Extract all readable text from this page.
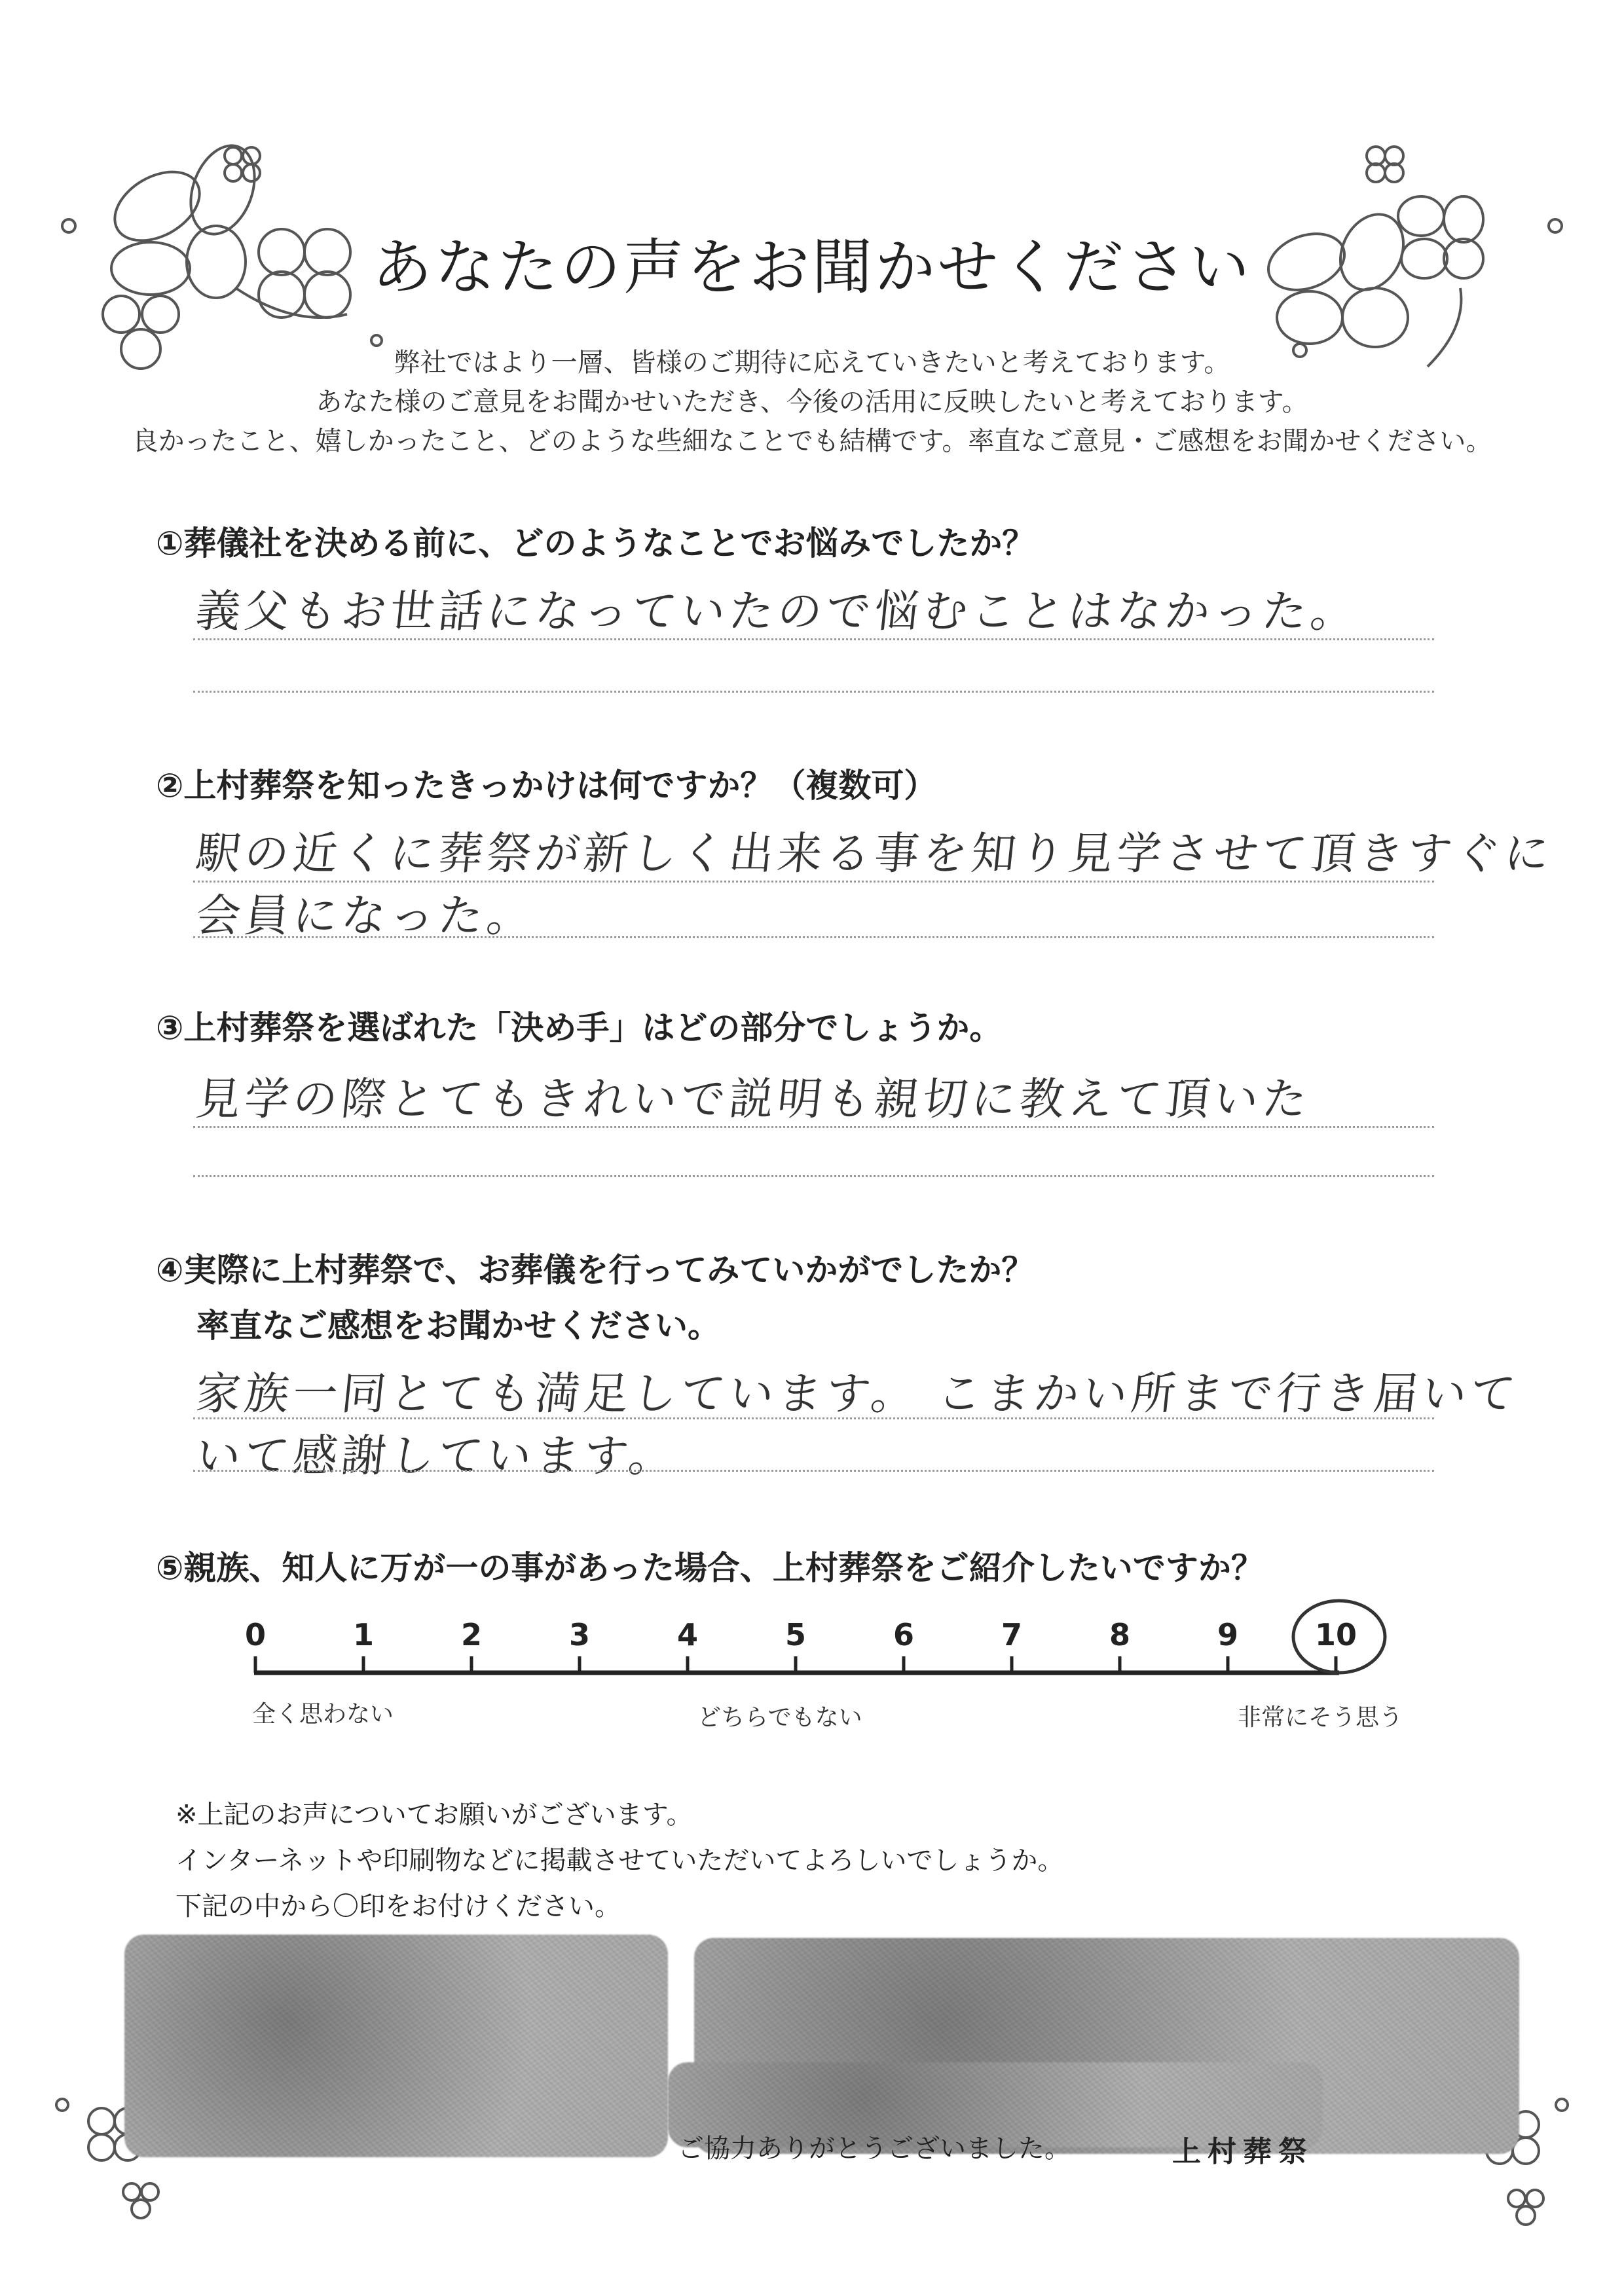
あなたの声をお聞かせください
弊社ではより一層、皆様のご期待に応えていきたいと考えております。
あなた様のご意見をお聞かせいただき、今後の活用に反映したいと考えております。
良かったこと、嬉しかったこと、どのような些細なことでも結構です。率直なご意見・ご感想をお聞かせください。
①葬儀社を決める前に、どのようなことでお悩みでしたか？
義父もお世話になっていたので悩むことはなかった。
②上村葬祭を知ったきっかけは何ですか？（複数可）
駅の近くに葬祭が新しく出来る事を知り見学させて頂きすぐに
会員になった。
③上村葬祭を選ばれた「決め手」はどの部分でしょうか。
見学の際とてもきれいで説明も親切に教えて頂いた
④実際に上村葬祭で、お葬儀を行ってみていかがでしたか？
率直なご感想をお聞かせください。
家族一同とても満足しています。 こまかい所まで行き届いて
いて感謝しています。
⑤親族、知人に万が一の事があった場合、上村葬祭をご紹介したいですか？
0	1	2	3	4	5	6	7	8	9	10
全く思わない	どちらでもない	非常にそう思う
※上記のお声についてお願いがございます。
インターネットや印刷物などに掲載させていただいてよろしいでしょうか。
下記の中から〇印をお付けください。
ご協力ありがとうございました。	上村葬祭
